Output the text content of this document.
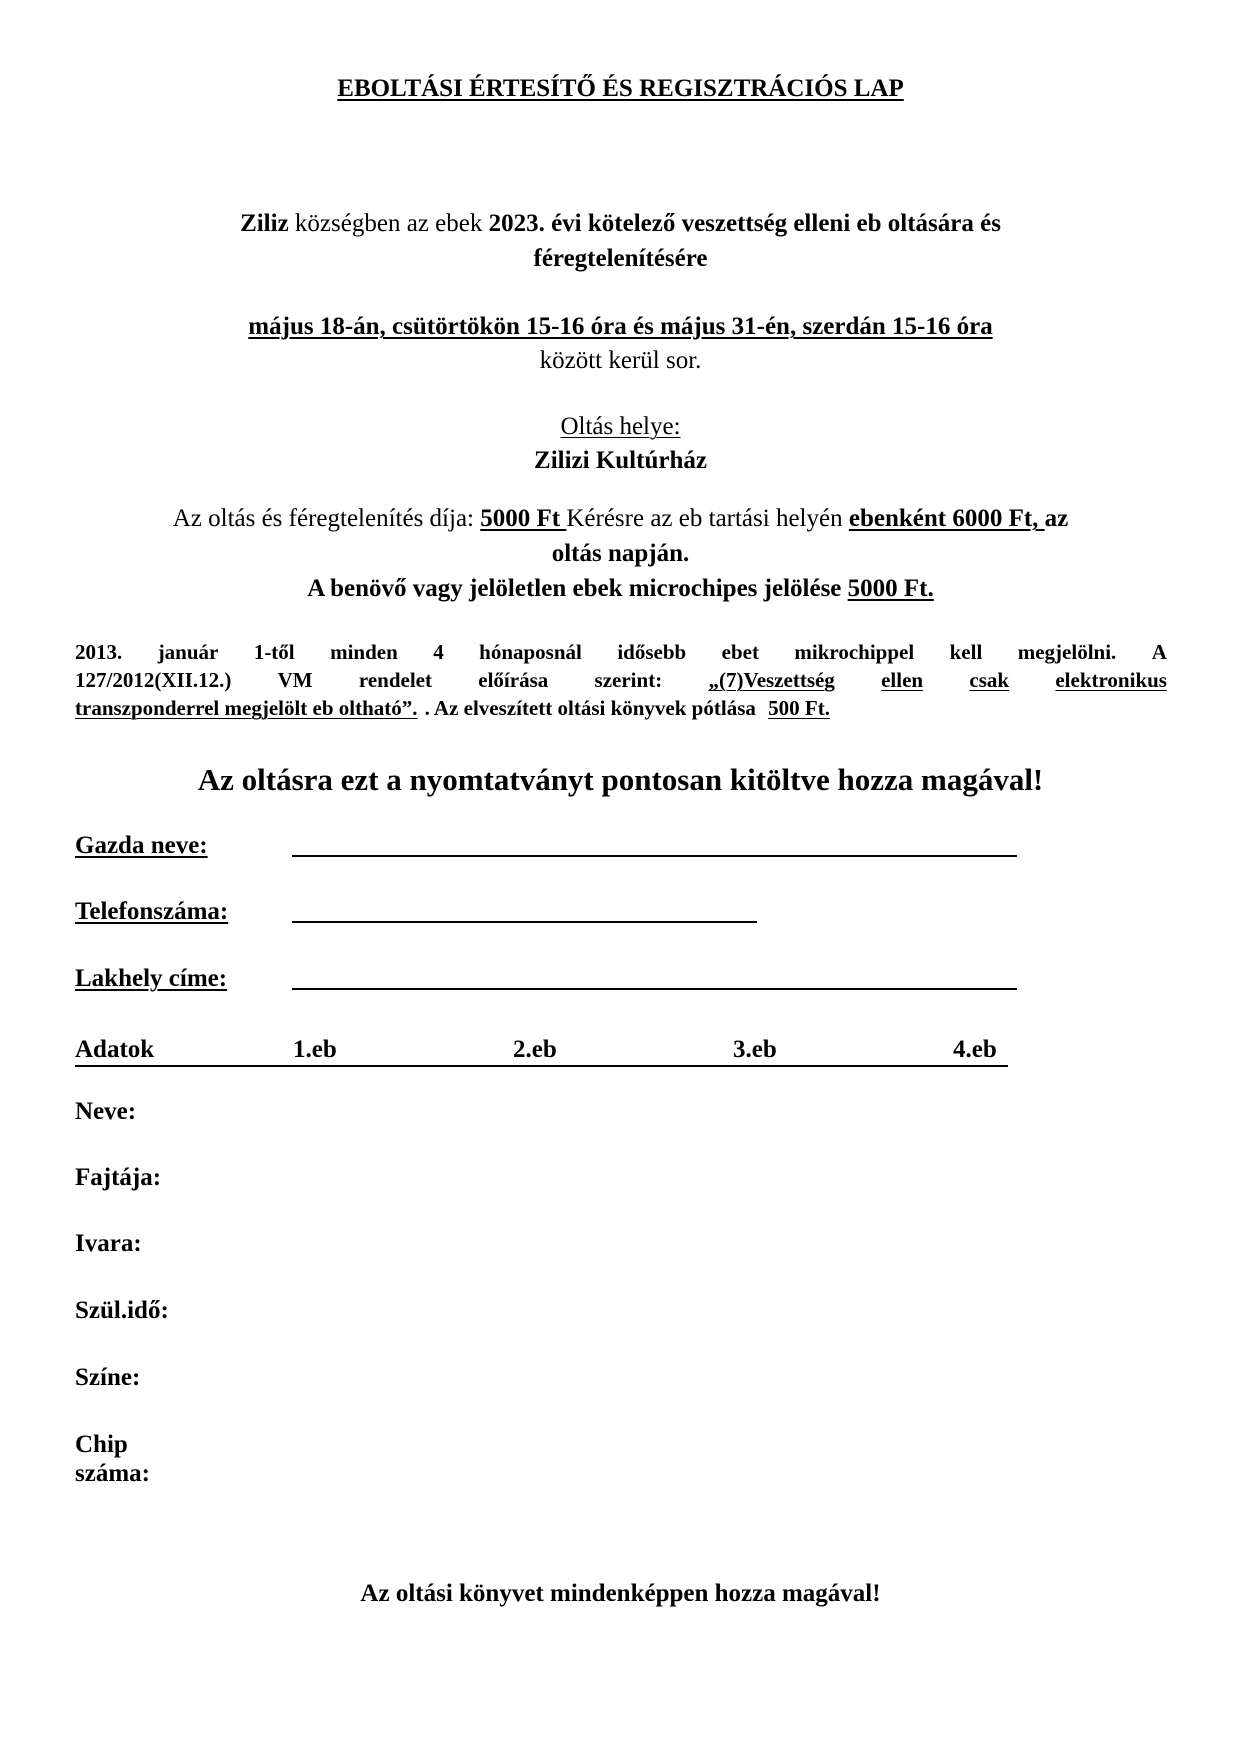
EBOLTÁSI ÉRTESÍTŐ ÉS REGISZTRÁCIÓS LAP
Ziliz községben az ebek 2023. évi kötelező veszettség elleni eb oltására és
féregtelenítésére
május 18-án, csütörtökön 15-16 óra és május 31-én, szerdán 15-16 óra
között kerül sor.
Oltás helye:
Zilizi Kultúrház
Az oltás és féregtelenítés díja: 5000 Ft Kérésre az eb tartási helyén ebenként 6000 Ft, az
oltás napján.
A benövő vagy jelöletlen ebek microchipes jelölése 5000 Ft.
2013. január 1-től minden 4 hónaposnál idősebb ebet mikrochippel kell megjelölni. A
127/2012(XII.12.) VM rendelet előírása szerint: „(7)Veszettség ellen csak elektronikus
transzponderrel megjelölt eb oltható”. . Az elveszített oltási könyvek pótlása 500 Ft.
Az oltásra ezt a nyomtatványt pontosan kitöltve hozza magával!
Gazda neve:
Telefonszáma:
Lakhely címe:
Adatok	1.eb	2.eb	3.eb	4.eb
Neve:
Fajtája:
Ivara:
Szül.idő:
Színe:
Chip
száma:
Az oltási könyvet mindenképpen hozza magával!
